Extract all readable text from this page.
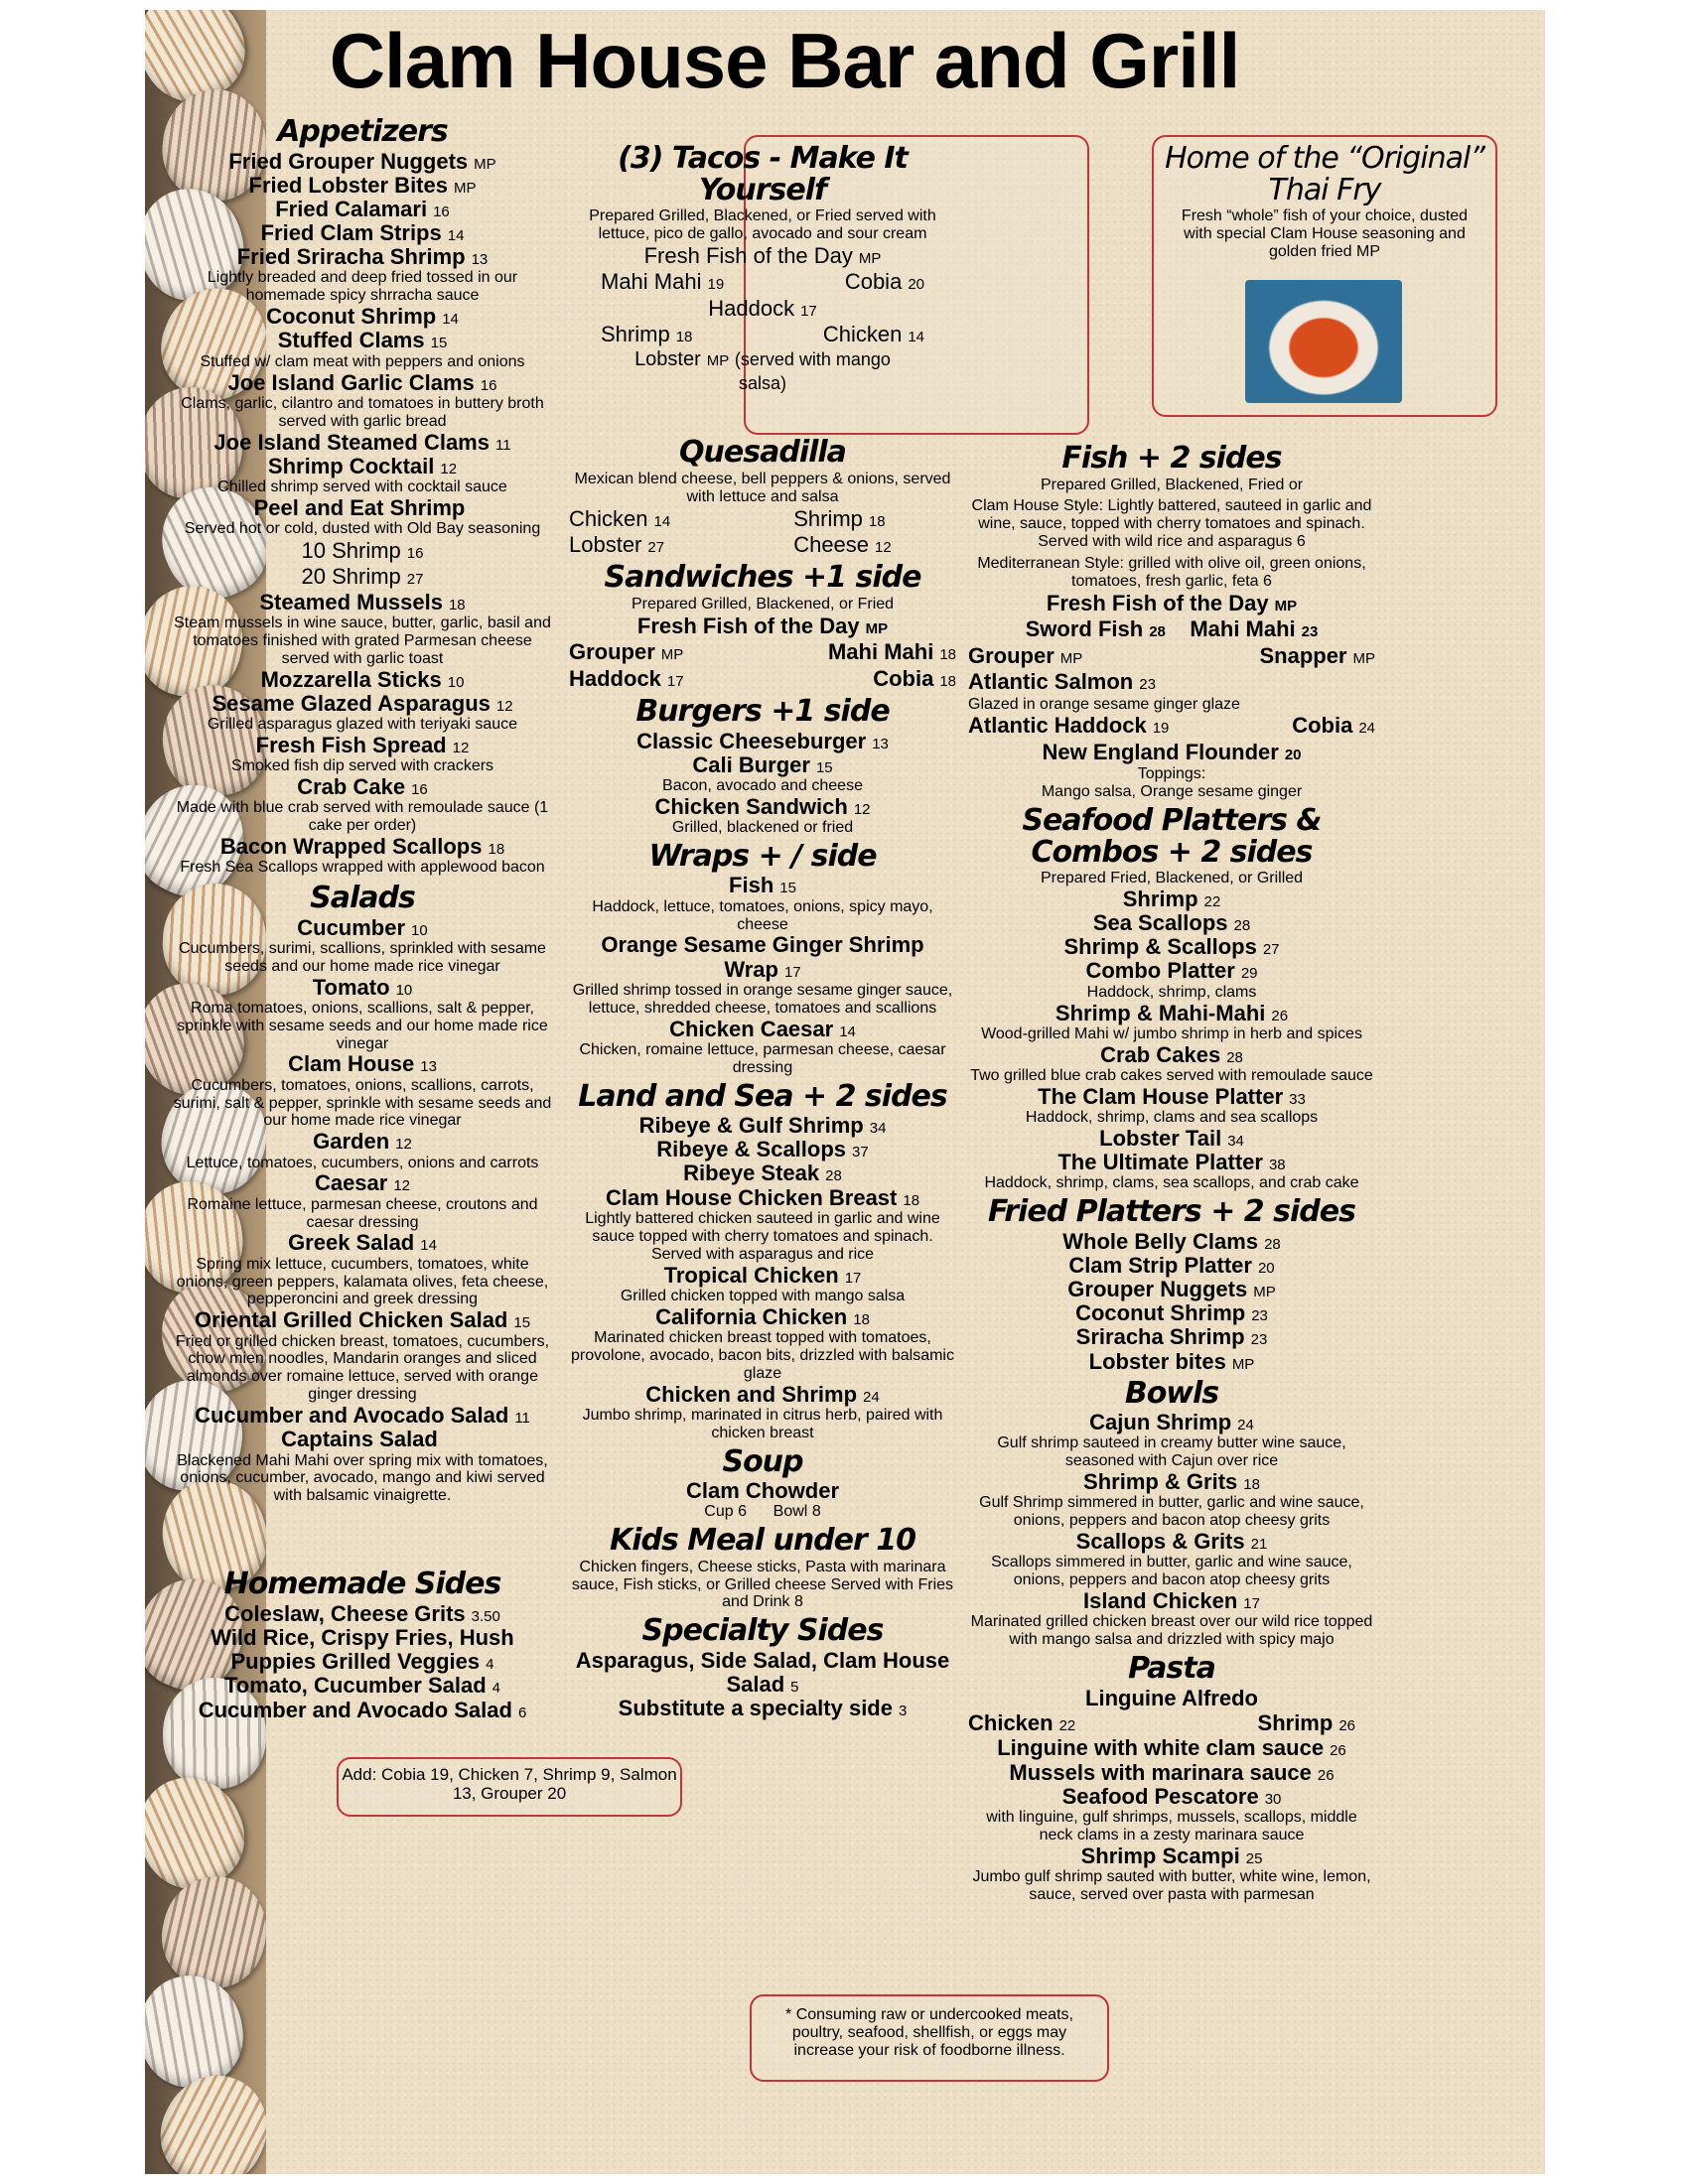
Clam House Bar and Grill
Appetizers

Fried Grouper Nuggets MP

Fried Lobster Bites MP

Fried Calamari 16

Fried Clam Strips 14

Fried Sriracha Shrimp 13

Lightly breaded and deep fried tossed in our homemade spicy shrracha sauce

Coconut Shrimp 14

Stuffed Clams 15

Stuffed w/ clam meat with peppers and onions

Joe Island Garlic Clams 16

Clams, garlic, cilantro and tomatoes in buttery broth served with garlic bread

Joe Island Steamed Clams 11

Shrimp Cocktail 12

Chilled shrimp served with cocktail sauce

Peel and Eat Shrimp

Served hot or cold, dusted with Old Bay seasoning

10 Shrimp 16

20 Shrimp 27

Steamed Mussels 18

Steam mussels in wine sauce, butter, garlic, basil and tomatoes finished with grated Parmesan cheese served with garlic toast

Mozzarella Sticks 10

Sesame Glazed Asparagus 12

Grilled asparagus glazed with teriyaki sauce

Fresh Fish Spread 12

Smoked fish dip served with crackers

Crab Cake 16

Made with blue crab served with remoulade sauce (1 cake per order)

Bacon Wrapped Scallops 18

Fresh Sea Scallops wrapped with applewood bacon

Salads

Cucumber 10

Cucumbers, surimi, scallions, sprinkled with sesame seeds and our home made rice vinegar

Tomato 10

Roma tomatoes, onions, scallions, salt & pepper, sprinkle with sesame seeds and our home made rice vinegar

Clam House 13

Cucumbers, tomatoes, onions, scallions, carrots, surimi, salt & pepper, sprinkle with sesame seeds and our home made rice vinegar

Garden 12

Lettuce, tomatoes, cucumbers, onions and carrots

Caesar 12

Romaine lettuce, parmesan cheese, croutons and caesar dressing

Greek Salad 14

Spring mix lettuce, cucumbers, tomatoes, white onions, green peppers, kalamata olives, feta cheese, pepperoncini and greek dressing

Oriental Grilled Chicken Salad 15

Fried or grilled chicken breast, tomatoes, cucumbers, chow mien noodles, Mandarin oranges and sliced almonds over romaine lettuce, served with orange ginger dressing

Cucumber and Avocado Salad 11

Captains Salad

Blackened Mahi Mahi over spring mix with tomatoes, onions, cucumber, avocado, mango and kiwi served with balsamic vinaigrette.

Homemade Sides

Coleslaw, Cheese Grits 3.50

Wild Rice, Crispy Fries, Hush Puppies Grilled Veggies 4

Tomato, Cucumber Salad 4

Cucumber and Avocado Salad 6

Add: Cobia 19, Chicken 7, Shrimp 9, Salmon 13, Grouper 20

(3) Tacos - Make It Yourself

Prepared Grilled, Blackened, or Fried served with lettuce, pico de gallo, avocado and sour cream

Fresh Fish of the Day MP

Mahi Mahi 19	Cobia 20

Haddock 17

Shrimp 18	Chicken 14

Lobster MP (served with mango salsa)

Quesadilla

Mexican blend cheese, bell peppers & onions, served with lettuce and salsa

Chicken 14	Shrimp 18
Lobster 27	Cheese 12
Sandwiches +1 side

Prepared Grilled, Blackened, or Fried

Fresh Fish of the Day MP

Grouper MP	Mahi Mahi 18
Haddock 17	Cobia 18
Burgers +1 side

Classic Cheeseburger 13

Cali Burger 15

Bacon, avocado and cheese

Chicken Sandwich 12

Grilled, blackened or fried

Wraps + / side

Fish 15

Haddock, lettuce, tomatoes, onions, spicy mayo, cheese

Orange Sesame Ginger Shrimp Wrap 17

Grilled shrimp tossed in orange sesame ginger sauce, lettuce, shredded cheese, tomatoes and scallions

Chicken Caesar 14

Chicken, romaine lettuce, parmesan cheese, caesar dressing

Land and Sea + 2 sides

Ribeye & Gulf Shrimp 34

Ribeye & Scallops 37

Ribeye Steak 28

Clam House Chicken Breast 18

Lightly battered chicken sauteed in garlic and wine sauce topped with cherry tomatoes and spinach. Served with asparagus and rice

Tropical Chicken 17

Grilled chicken topped with mango salsa

California Chicken 18

Marinated chicken breast topped with tomatoes, provolone, avocado, bacon bits, drizzled with balsamic glaze

Chicken and Shrimp 24

Jumbo shrimp, marinated in citrus herb, paired with chicken breast

Soup

Clam Chowder

Cup 6 Bowl 8

Kids Meal under 10

Chicken fingers, Cheese sticks, Pasta with marinara sauce, Fish sticks, or Grilled cheese Served with Fries and Drink 8

Specialty Sides

Asparagus, Side Salad, Clam House Salad 5

Substitute a specialty side 3

* Consuming raw or undercooked meats, poultry, seafood, shellfish, or eggs may increase your risk of foodborne illness.

Home of the “Original” Thai Fry

Fresh “whole” fish of your choice, dusted with special Clam House seasoning and golden fried MP

Fish + 2 sides

Prepared Grilled, Blackened, Fried or

Clam House Style: Lightly battered, sauteed in garlic and wine, sauce, topped with cherry tomatoes and spinach. Served with wild rice and asparagus 6

Mediterranean Style: grilled with olive oil, green onions, tomatoes, fresh garlic, feta 6

Fresh Fish of the Day MP

Sword Fish 28 Mahi Mahi 23

Grouper MP	Snapper MP
Atlantic Salmon 23

Glazed in orange sesame ginger glaze

Atlantic Haddock 19	Cobia 24

New England Flounder 20

Toppings:

Mango salsa, Orange sesame ginger

Seafood Platters & Combos + 2 sides

Prepared Fried, Blackened, or Grilled

Shrimp 22

Sea Scallops 28

Shrimp & Scallops 27

Combo Platter 29

Haddock, shrimp, clams

Shrimp & Mahi-Mahi 26

Wood-grilled Mahi w/ jumbo shrimp in herb and spices

Crab Cakes 28

Two grilled blue crab cakes served with remoulade sauce

The Clam House Platter 33

Haddock, shrimp, clams and sea scallops

Lobster Tail 34

The Ultimate Platter 38

Haddock, shrimp, clams, sea scallops, and crab cake

Fried Platters + 2 sides

Whole Belly Clams 28

Clam Strip Platter 20

Grouper Nuggets MP

Coconut Shrimp 23

Sriracha Shrimp 23

Lobster bites MP

Bowls

Cajun Shrimp 24

Gulf shrimp sauteed in creamy butter wine sauce, seasoned with Cajun over rice

Shrimp & Grits 18

Gulf Shrimp simmered in butter, garlic and wine sauce, onions, peppers and bacon atop cheesy grits

Scallops & Grits 21

Scallops simmered in butter, garlic and wine sauce, onions, peppers and bacon atop cheesy grits

Island Chicken 17

Marinated grilled chicken breast over our wild rice topped with mango salsa and drizzled with spicy majo

Pasta

Linguine Alfredo

Chicken 22	Shrimp 26

Linguine with white clam sauce 26

Mussels with marinara sauce 26

Seafood Pescatore 30

with linguine, gulf shrimps, mussels, scallops, middle neck clams in a zesty marinara sauce

Shrimp Scampi 25

Jumbo gulf shrimp sauted with butter, white wine, lemon, sauce, served over pasta with parmesan
